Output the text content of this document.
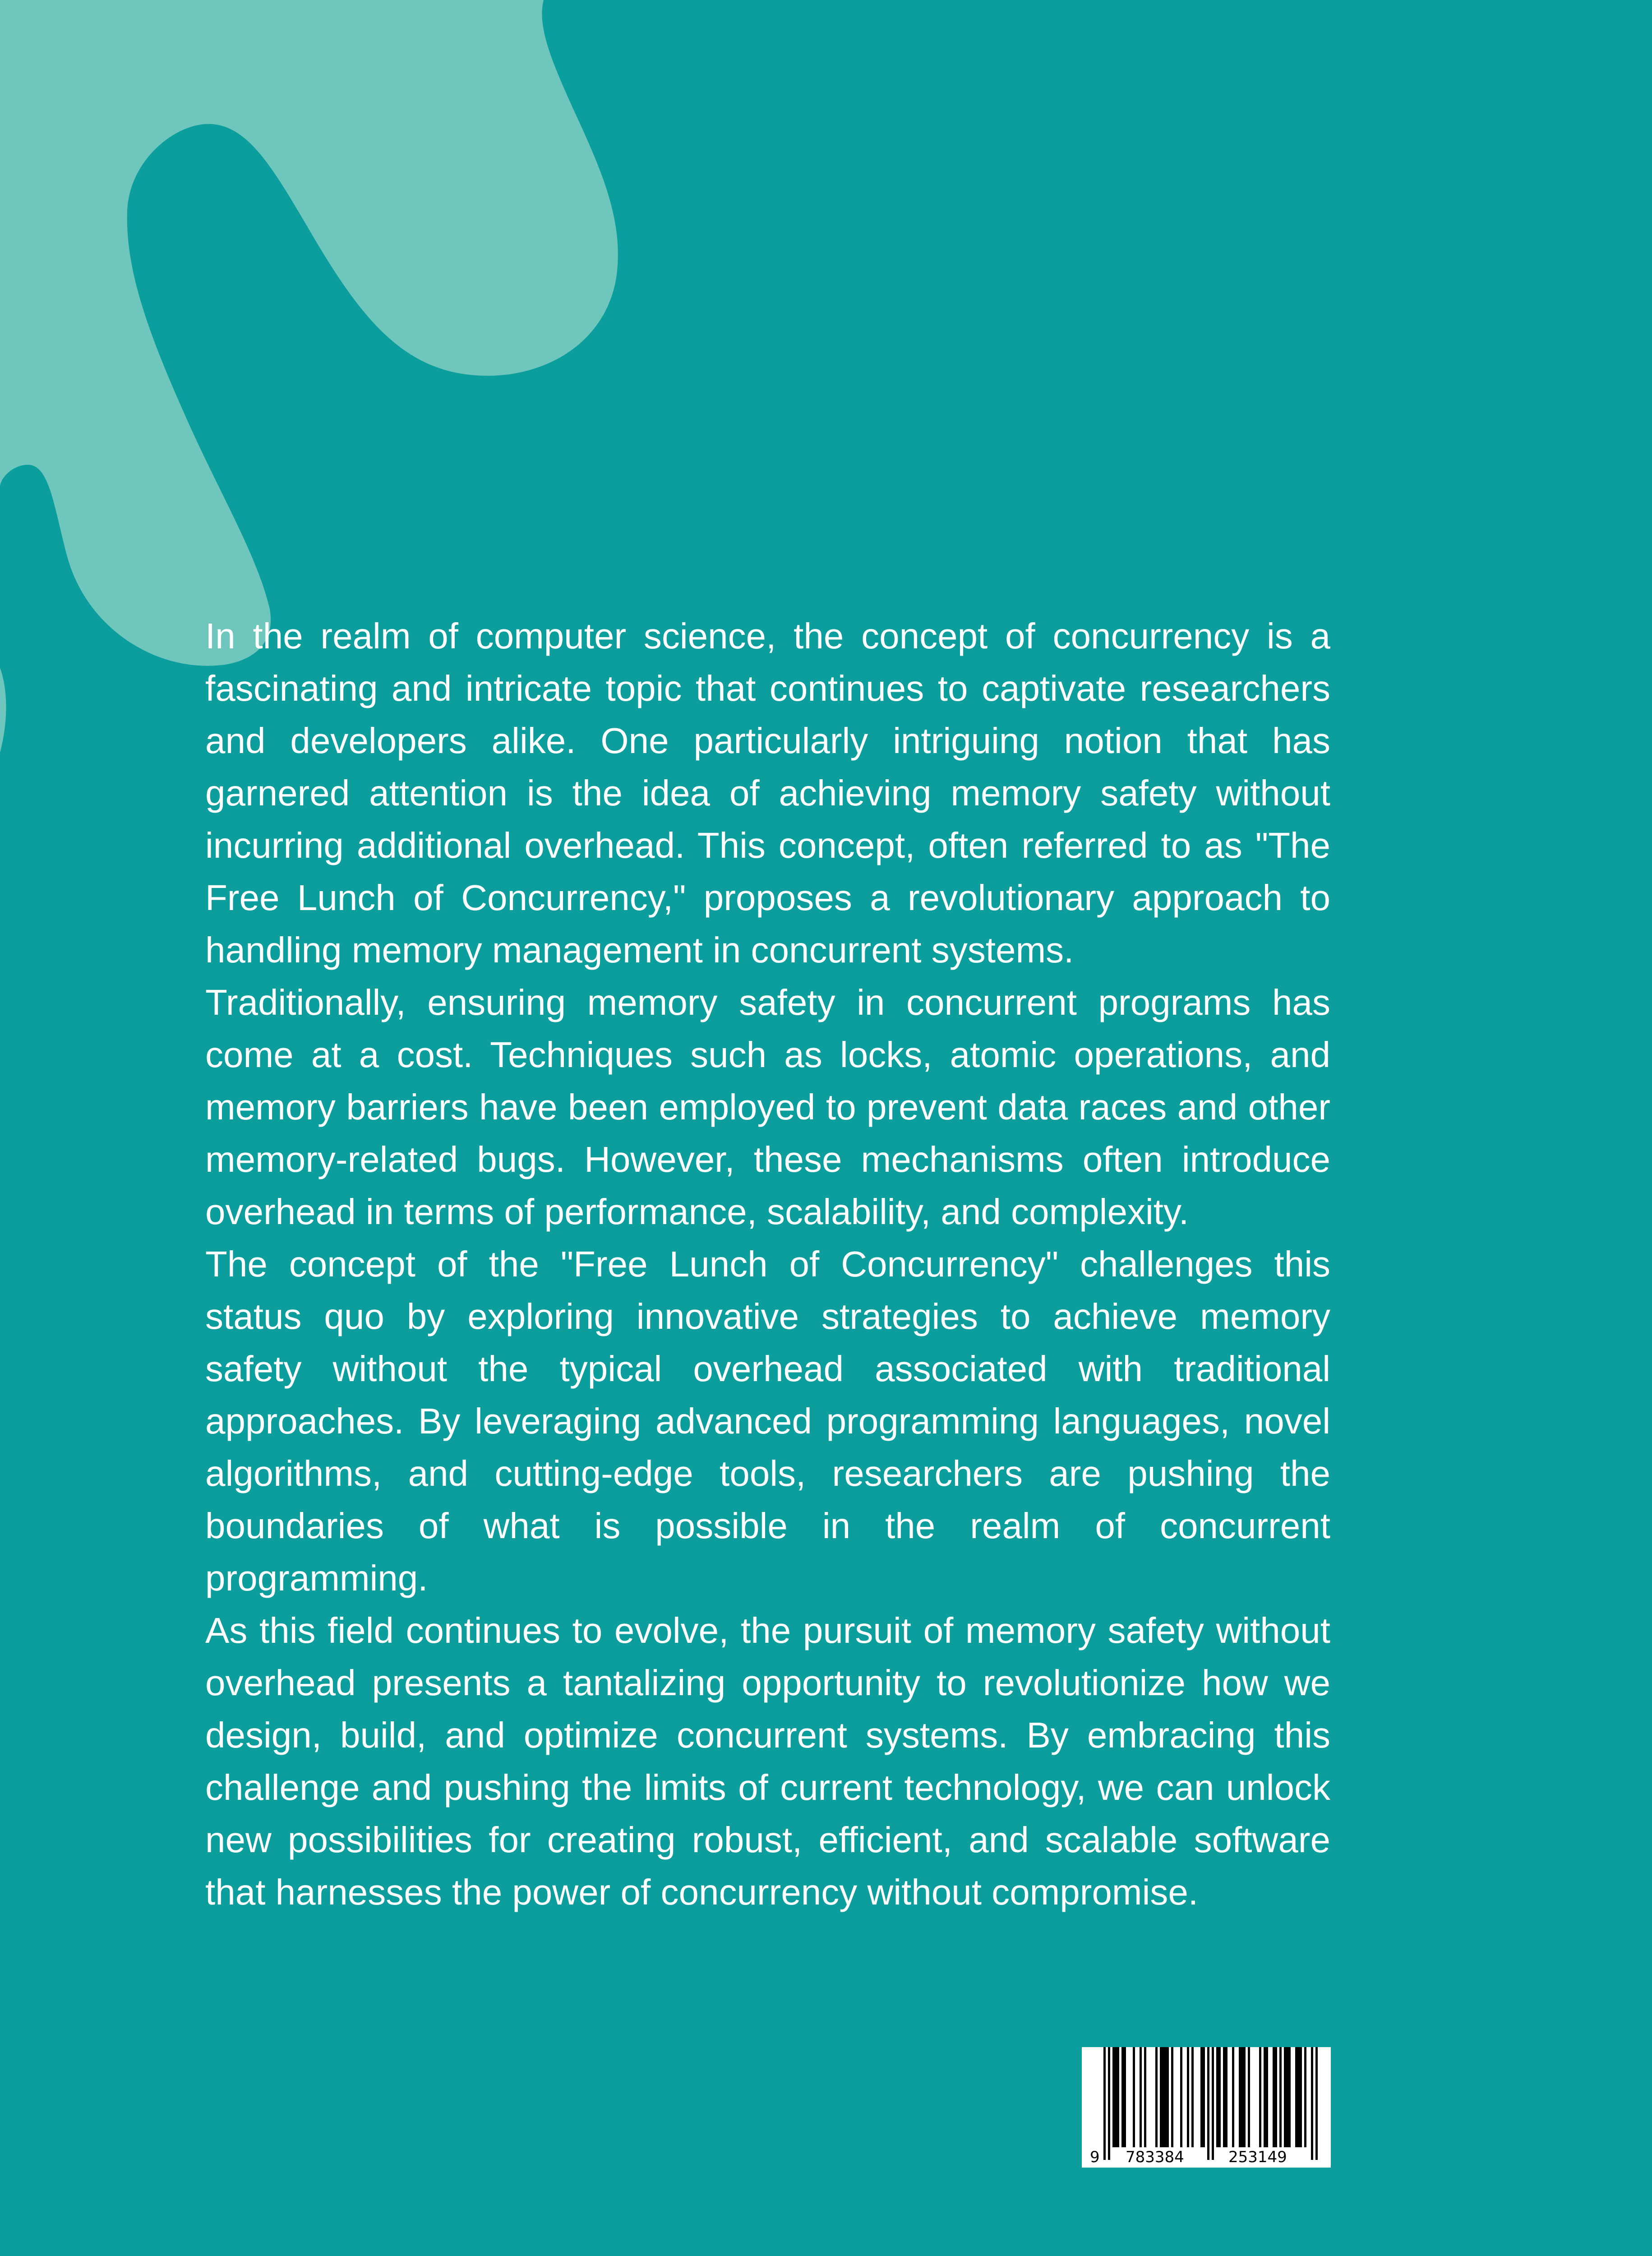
In the realm of computer science, the concept of concurrency is a fascinating and intricate topic that continues to captivate researchers and developers alike. One particularly intriguing notion that has garnered attention is the idea of achieving memory safety without incurring additional overhead. This concept, often referred to as "The Free Lunch of Concurrency," proposes a revolutionary approach to handling memory management in concurrent systems.

Traditionally, ensuring memory safety in concurrent programs has come at a cost. Techniques such as locks, atomic operations, and memory barriers have been employed to prevent data races and other memory-related bugs. However, these mechanisms often introduce overhead in terms of performance, scalability, and complexity.

The concept of the "Free Lunch of Concurrency" challenges this status quo by exploring innovative strategies to achieve memory safety without the typical overhead associated with traditional approaches. By leveraging advanced programming languages, novel algorithms, and cutting-edge tools, researchers are pushing the boundaries of what is possible in the realm of concurrent programming.

As this field continues to evolve, the pursuit of memory safety without overhead presents a tantalizing opportunity to revolutionize how we design, build, and optimize concurrent systems. By embracing this challenge and pushing the limits of current technology, we can unlock new possibilities for creating robust, efficient, and scalable software that harnesses the power of concurrency without compromise.

9 783384	253149
